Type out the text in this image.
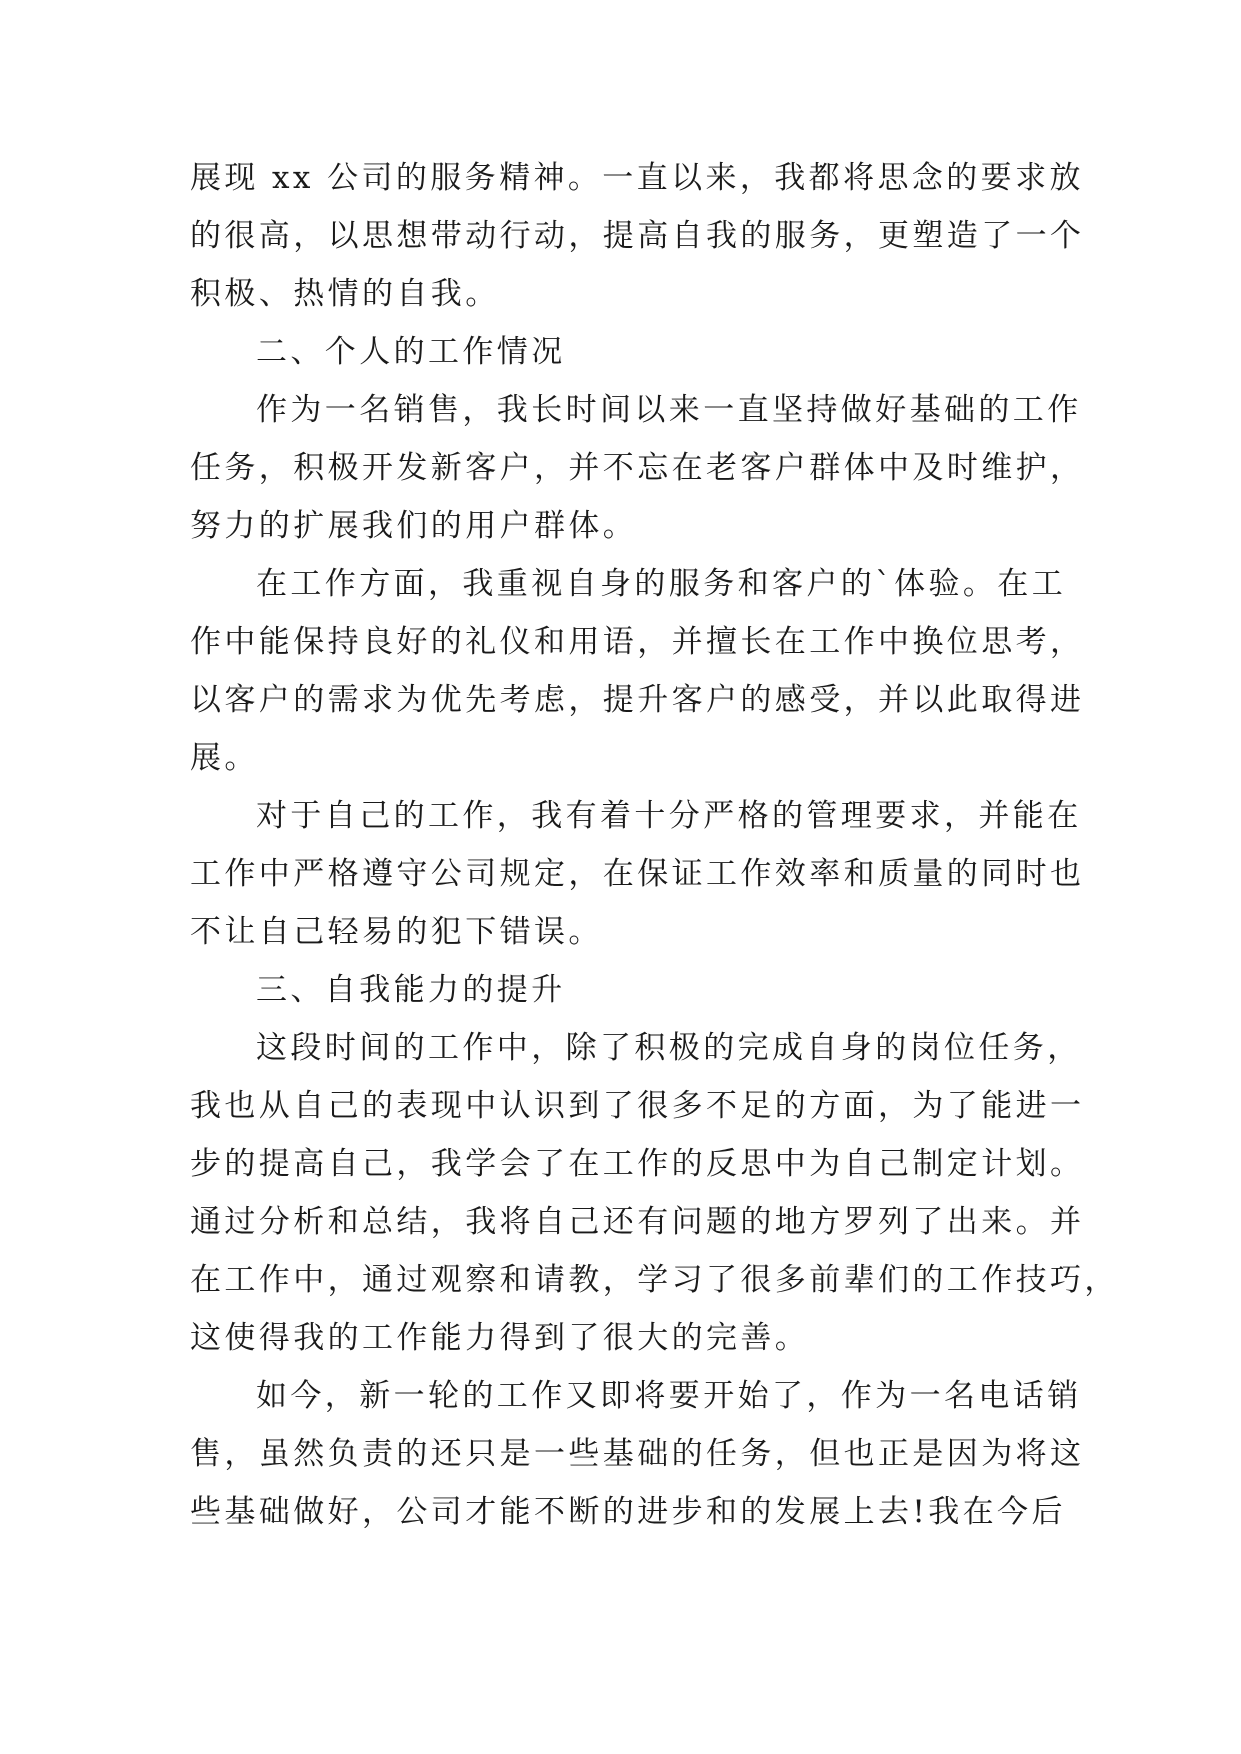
展现 xx 公司的服务精神。一直以来，我都将思念的要求放
的很高，以思想带动行动，提高自我的服务，更塑造了一个
积极、热情的自我。
二、个人的工作情况
作为一名销售，我长时间以来一直坚持做好基础的工作
任务，积极开发新客户，并不忘在老客户群体中及时维护，
努力的扩展我们的用户群体。
在工作方面，我重视自身的服务和客户的`体验。在工
作中能保持良好的礼仪和用语，并擅长在工作中换位思考，
以客户的需求为优先考虑，提升客户的感受，并以此取得进
展。
对于自己的工作，我有着十分严格的管理要求，并能在
工作中严格遵守公司规定，在保证工作效率和质量的同时也
不让自己轻易的犯下错误。
三、自我能力的提升
这段时间的工作中，除了积极的完成自身的岗位任务，
我也从自己的表现中认识到了很多不足的方面，为了能进一
步的提高自己，我学会了在工作的反思中为自己制定计划。
通过分析和总结，我将自己还有问题的地方罗列了出来。并
在工作中，通过观察和请教，学习了很多前辈们的工作技巧，
这使得我的工作能力得到了很大的完善。
如今，新一轮的工作又即将要开始了，作为一名电话销
售，虽然负责的还只是一些基础的任务，但也正是因为将这
些基础做好，公司才能不断的进步和的发展上去!我在今后
